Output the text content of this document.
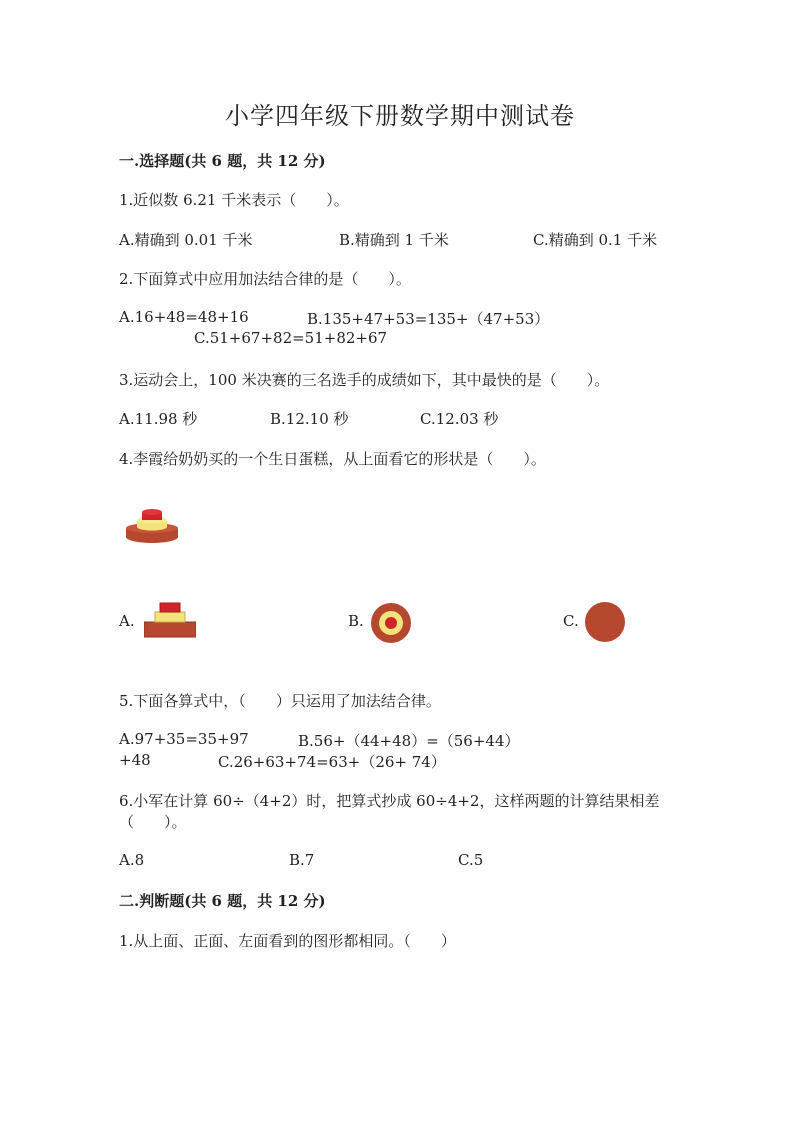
小学四年级下册数学期中测试卷
一.选择题(共 6 题，共 12 分)
1.近似数 6.21 千米表示（　　）。
A.精确到 0.01 千米	B.精确到 1 千米	C.精确到 0.1 千米
2.下面算式中应用加法结合律的是（　　）。
A.16+48=48+16	B.135+47+53=135+（47+53）
C.51+67+82=51+82+67
3.运动会上，100 米决赛的三名选手的成绩如下，其中最快的是（　　）。
A.11.98 秒	B.12.10 秒	C.12.03 秒
4.李霞给奶奶买的一个生日蛋糕，从上面看它的形状是（　　）。
A.	B.	C.
5.下面各算式中，（　　）只运用了加法结合律。
A.97+35=35+97	B.56+（44+48）=（56+44）
+48	C.26+63+74=63+（26+ 74）
6.小军在计算 60÷（4+2）时，把算式抄成 60÷4+2，这样两题的计算结果相差
（　　）。
A.8	B.7	C.5
二.判断题(共 6 题，共 12 分)
1.从上面、正面、左面看到的图形都相同。（　　）
